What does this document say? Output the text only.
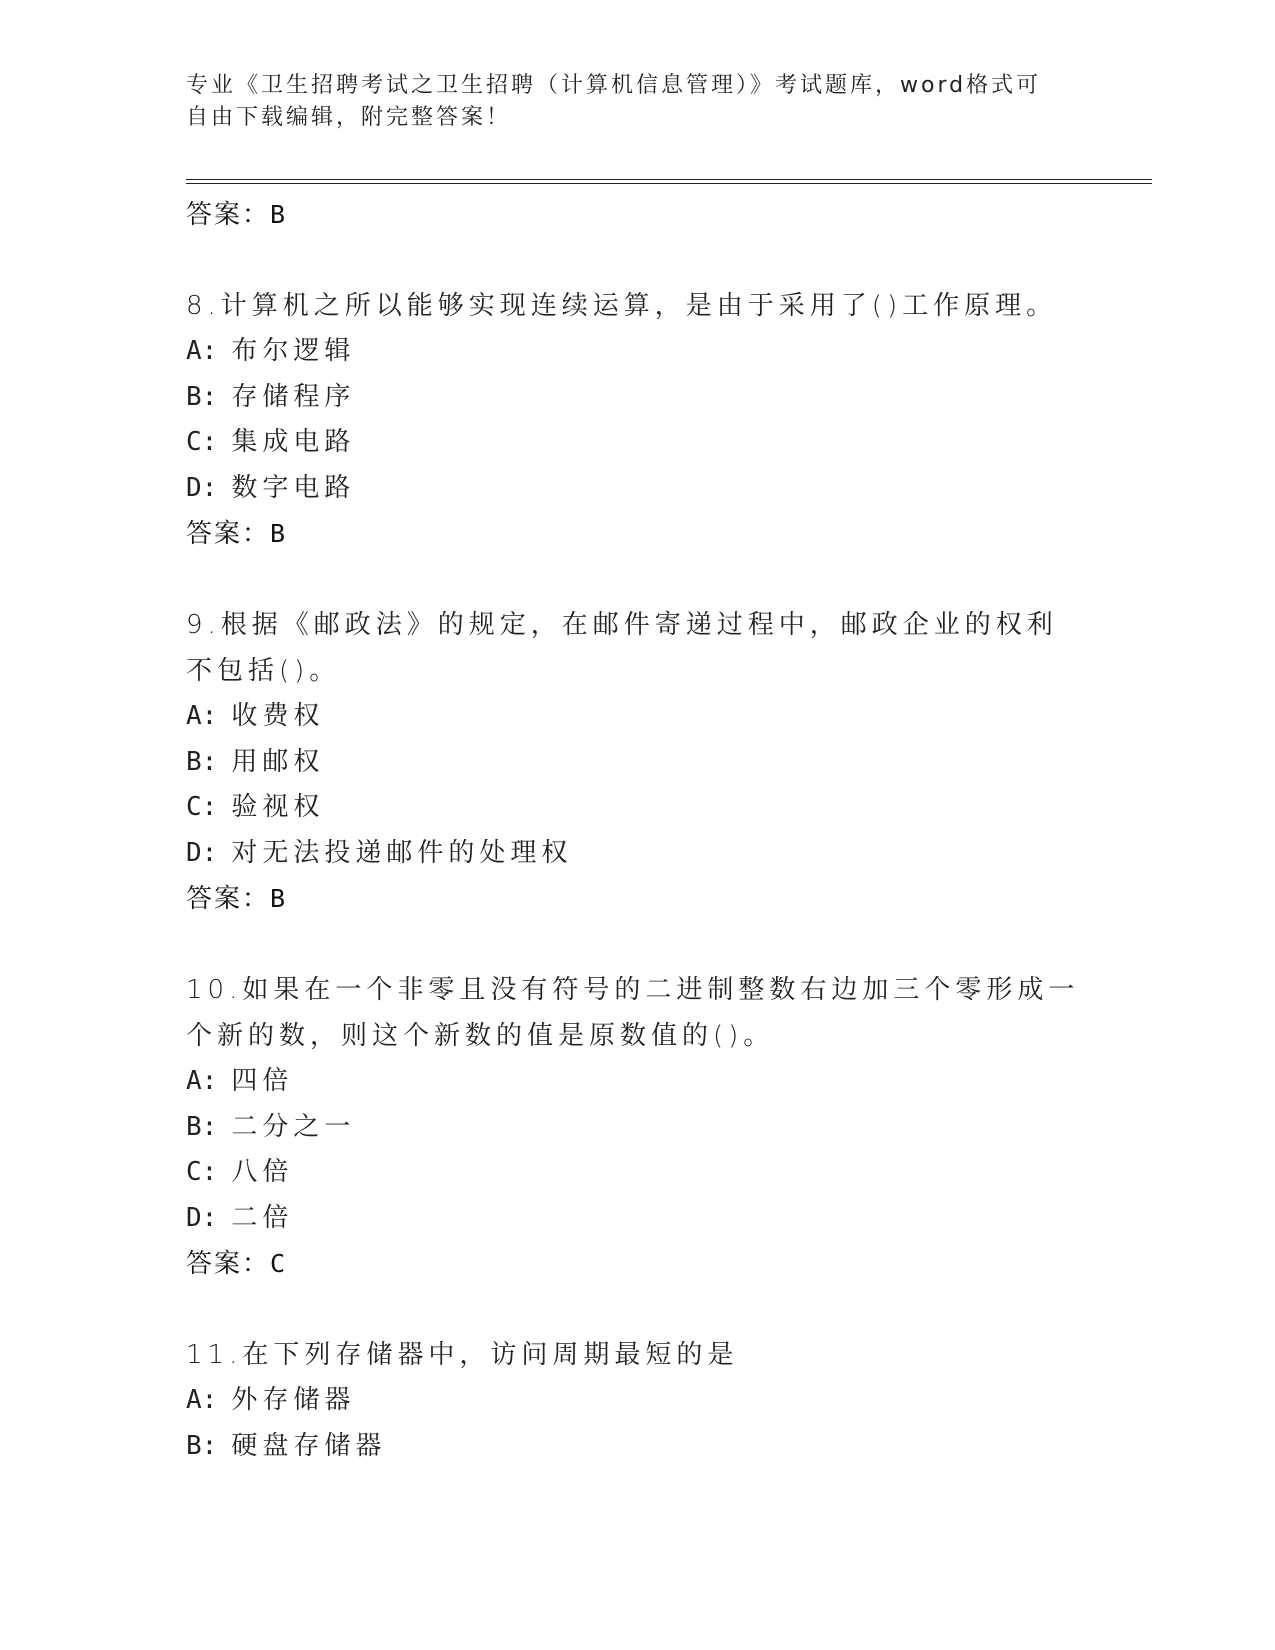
专业《卫生招聘考试之卫生招聘（计算机信息管理）》考试题库，word格式可自由下载编辑，附完整答案！
答案：B
8.计算机之所以能够实现连续运算，是由于采用了()工作原理。
A: 布尔逻辑
B: 存储程序
C: 集成电路
D: 数字电路
答案：B
9.根据《邮政法》的规定，在邮件寄递过程中，邮政企业的权利不包括()。
A: 收费权
B: 用邮权
C: 验视权
D: 对无法投递邮件的处理权
答案：B
10.如果在一个非零且没有符号的二进制整数右边加三个零形成一个新的数，则这个新数的值是原数值的()。
A: 四倍
B: 二分之一
C: 八倍
D: 二倍
答案：C
11.在下列存储器中，访问周期最短的是
A: 外存储器
B: 硬盘存储器
